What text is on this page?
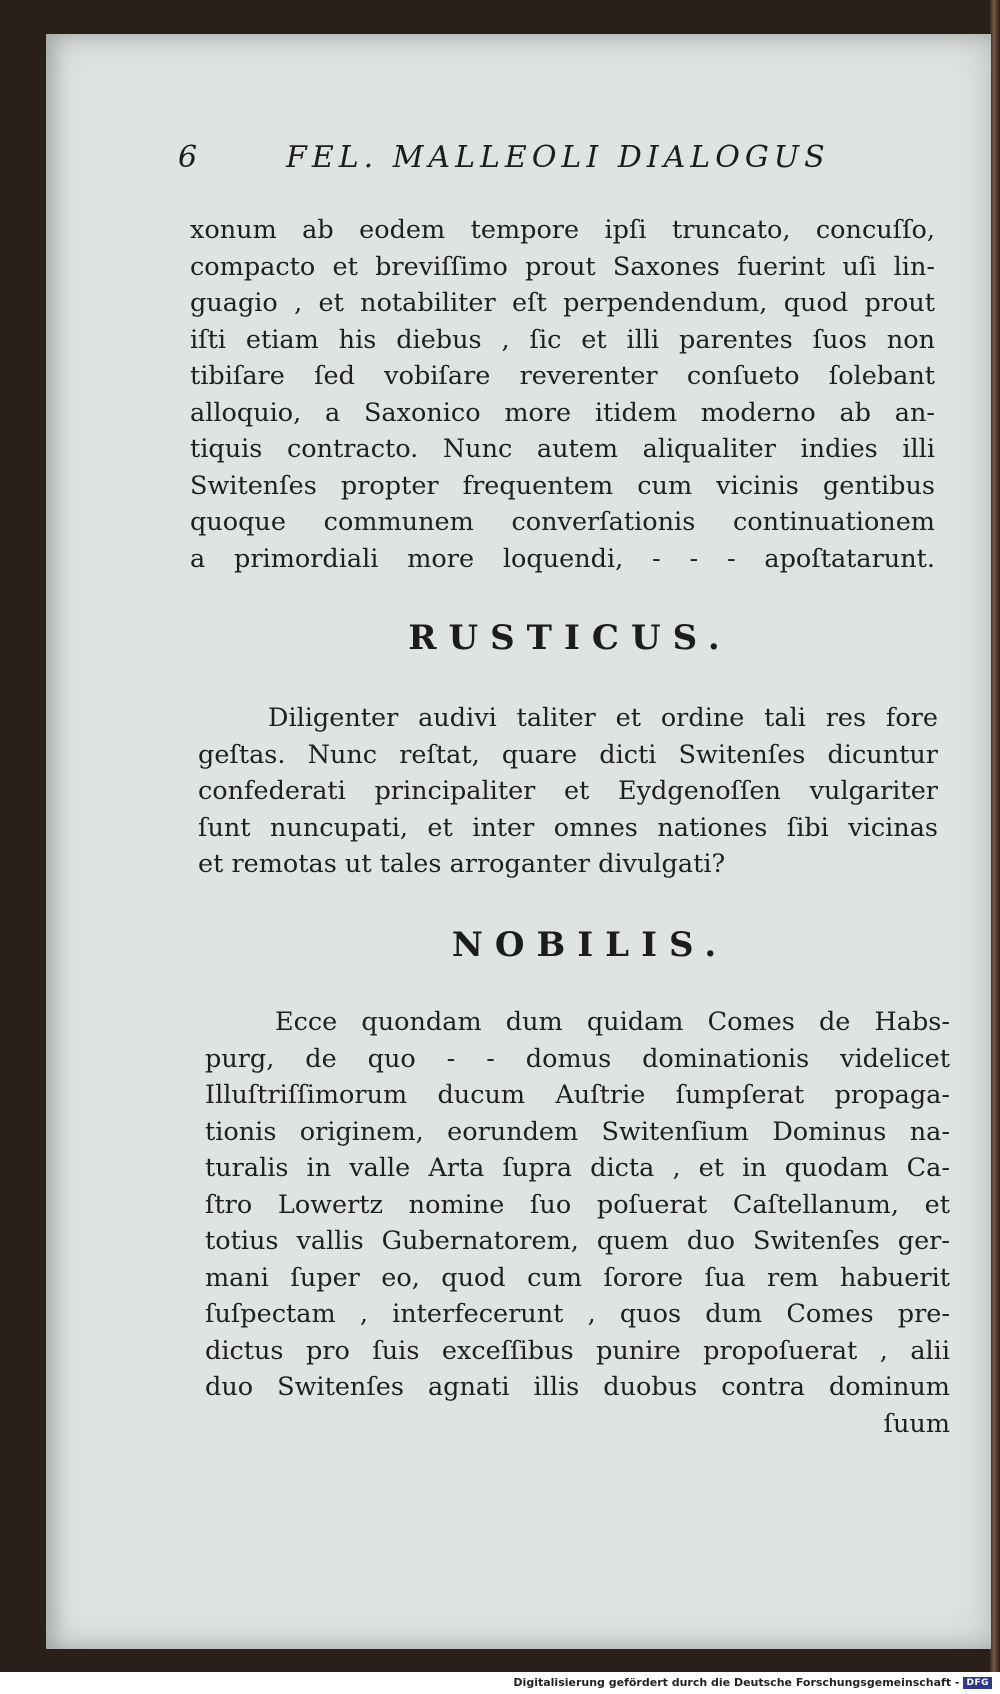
6	FEL. MALLEOLI DIALOGUS
xonum ab eodem tempore ipſi truncato, concuſſo,
compacto et breviſſimo prout Saxones fuerint uſi lin-
guagio , et notabiliter eſt perpendendum, quod prout
iſti etiam his diebus , ſic et illi parentes ſuos non
tibiſare ſed vobiſare reverenter conſueto ſolebant
alloquio, a Saxonico more itidem moderno ab an-
tiquis contracto. Nunc autem aliqualiter indies illi
Switenſes propter frequentem cum vicinis gentibus
quoque communem converſationis continuationem
a primordiali more loquendi, - - - apoſtatarunt.
RUSTICUS.
Diligenter audivi taliter et ordine tali res fore
geſtas. Nunc reſtat, quare dicti Switenſes dicuntur
confederati principaliter et Eydgenoſſen vulgariter
ſunt nuncupati, et inter omnes nationes ſibi vicinas
et remotas ut tales arroganter divulgati?
NOBILIS.
Ecce quondam dum quidam Comes de Habs-
purg, de quo - - domus dominationis videlicet
Illuſtriſſimorum ducum Auſtrie ſumpſerat propaga-
tionis originem, eorundem Switenſium Dominus na-
turalis in valle Arta ſupra dicta , et in quodam Ca-
ſtro Lowertz nomine ſuo poſuerat Caſtellanum, et
totius vallis Gubernatorem, quem duo Switenſes ger-
mani ſuper eo, quod cum ſorore ſua rem habuerit
ſuſpectam , interfecerunt , quos dum Comes pre-
dictus pro ſuis exceſſibus punire propoſuerat , alii
duo Switenſes agnati illis duobus contra dominum
ſuum
Digitalisierung gefördert durch die Deutsche Forschungsgemeinschaft - DFG
